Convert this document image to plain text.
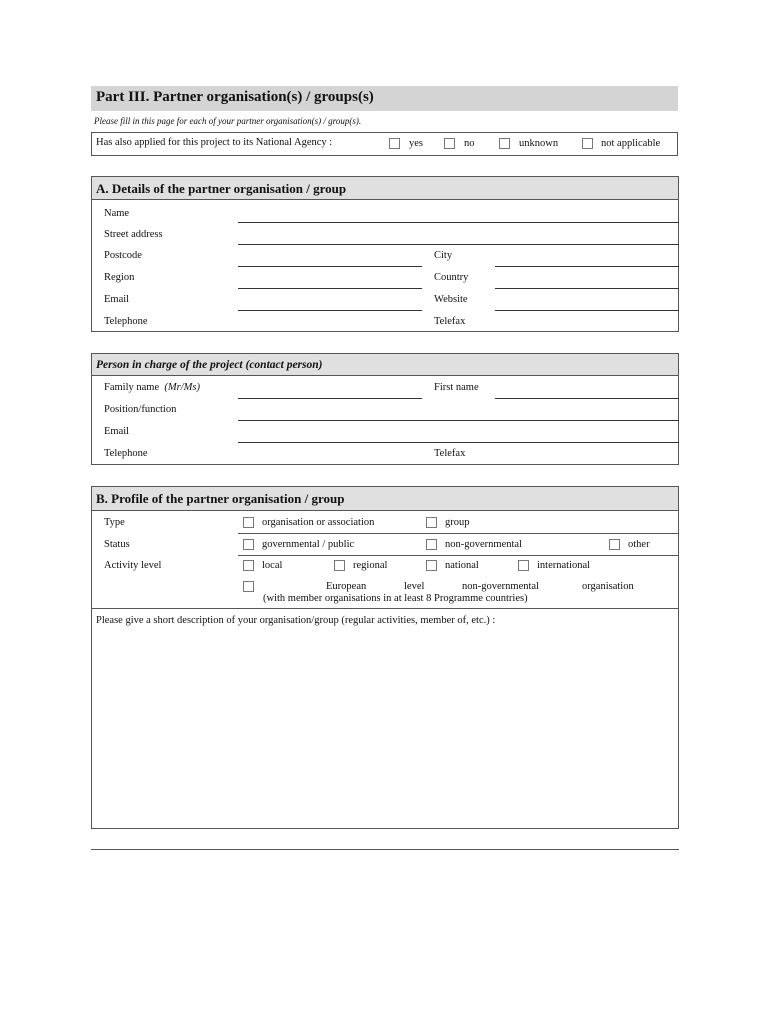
Part III. Partner organisation(s) / groups(s)
Please fill in this page for each of your partner organisation(s) / group(s).
Has also applied for this project to its National Agency :	yes	no	unknown	not applicable
A. Details of the partner organisation / group
Name
Street address
Postcode	City
Region	Country
Email	Website
Telephone	Telefax
Person in charge of the project (contact person)
Family name (Mr/Ms)	First name
Position/function
Email
Telephone	Telefax
B. Profile of the partner organisation / group
Type	organisation or association	group
Status	governmental / public	non-governmental	other
Activity level	local	regional	national	international
European	level	non-governmental	organisation
(with member organisations in at least 8 Programme countries)
Please give a short description of your organisation/group (regular activities, member of, etc.) :
